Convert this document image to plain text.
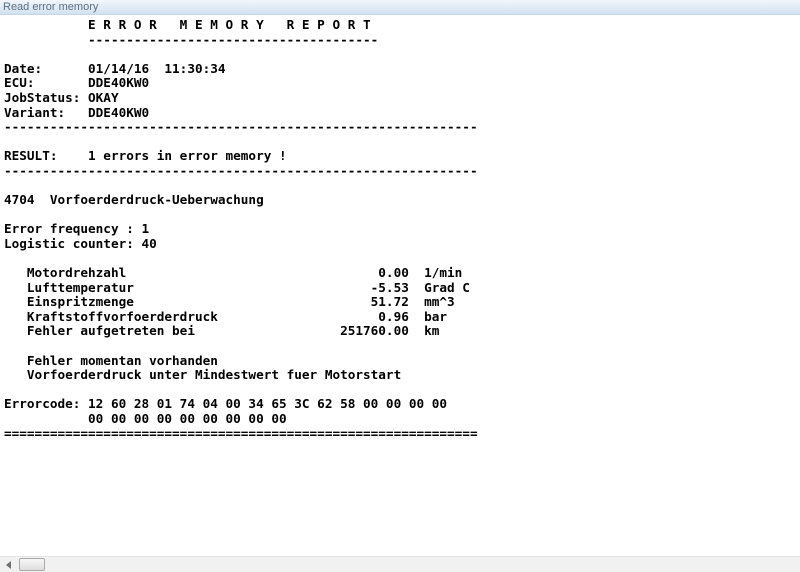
Read error memory
E R R O R   M E M O R Y   R E P O R T
--------------------------------------
Date:      01/14/16  11:30:34
ECU:       DDE40KW0
JobStatus: OKAY
Variant:   DDE40KW0
--------------------------------------------------------------
RESULT:    1 errors in error memory !
--------------------------------------------------------------
4704  Vorfoerderdruck-Ueberwachung
Error frequency : 1
Logistic counter: 40
Motordrehzahl                                 0.00  1/min
Lufttemperatur                               -5.53  Grad C
Einspritzmenge                               51.72  mm^3
Kraftstoffvorfoerderdruck                     0.96  bar
Fehler aufgetreten bei                   251760.00  km
Fehler momentan vorhanden
Vorfoerderdruck unter Mindestwert fuer Motorstart
Errorcode: 12 60 28 01 74 04 00 34 65 3C 62 58 00 00 00 00
00 00 00 00 00 00 00 00 00
==============================================================
